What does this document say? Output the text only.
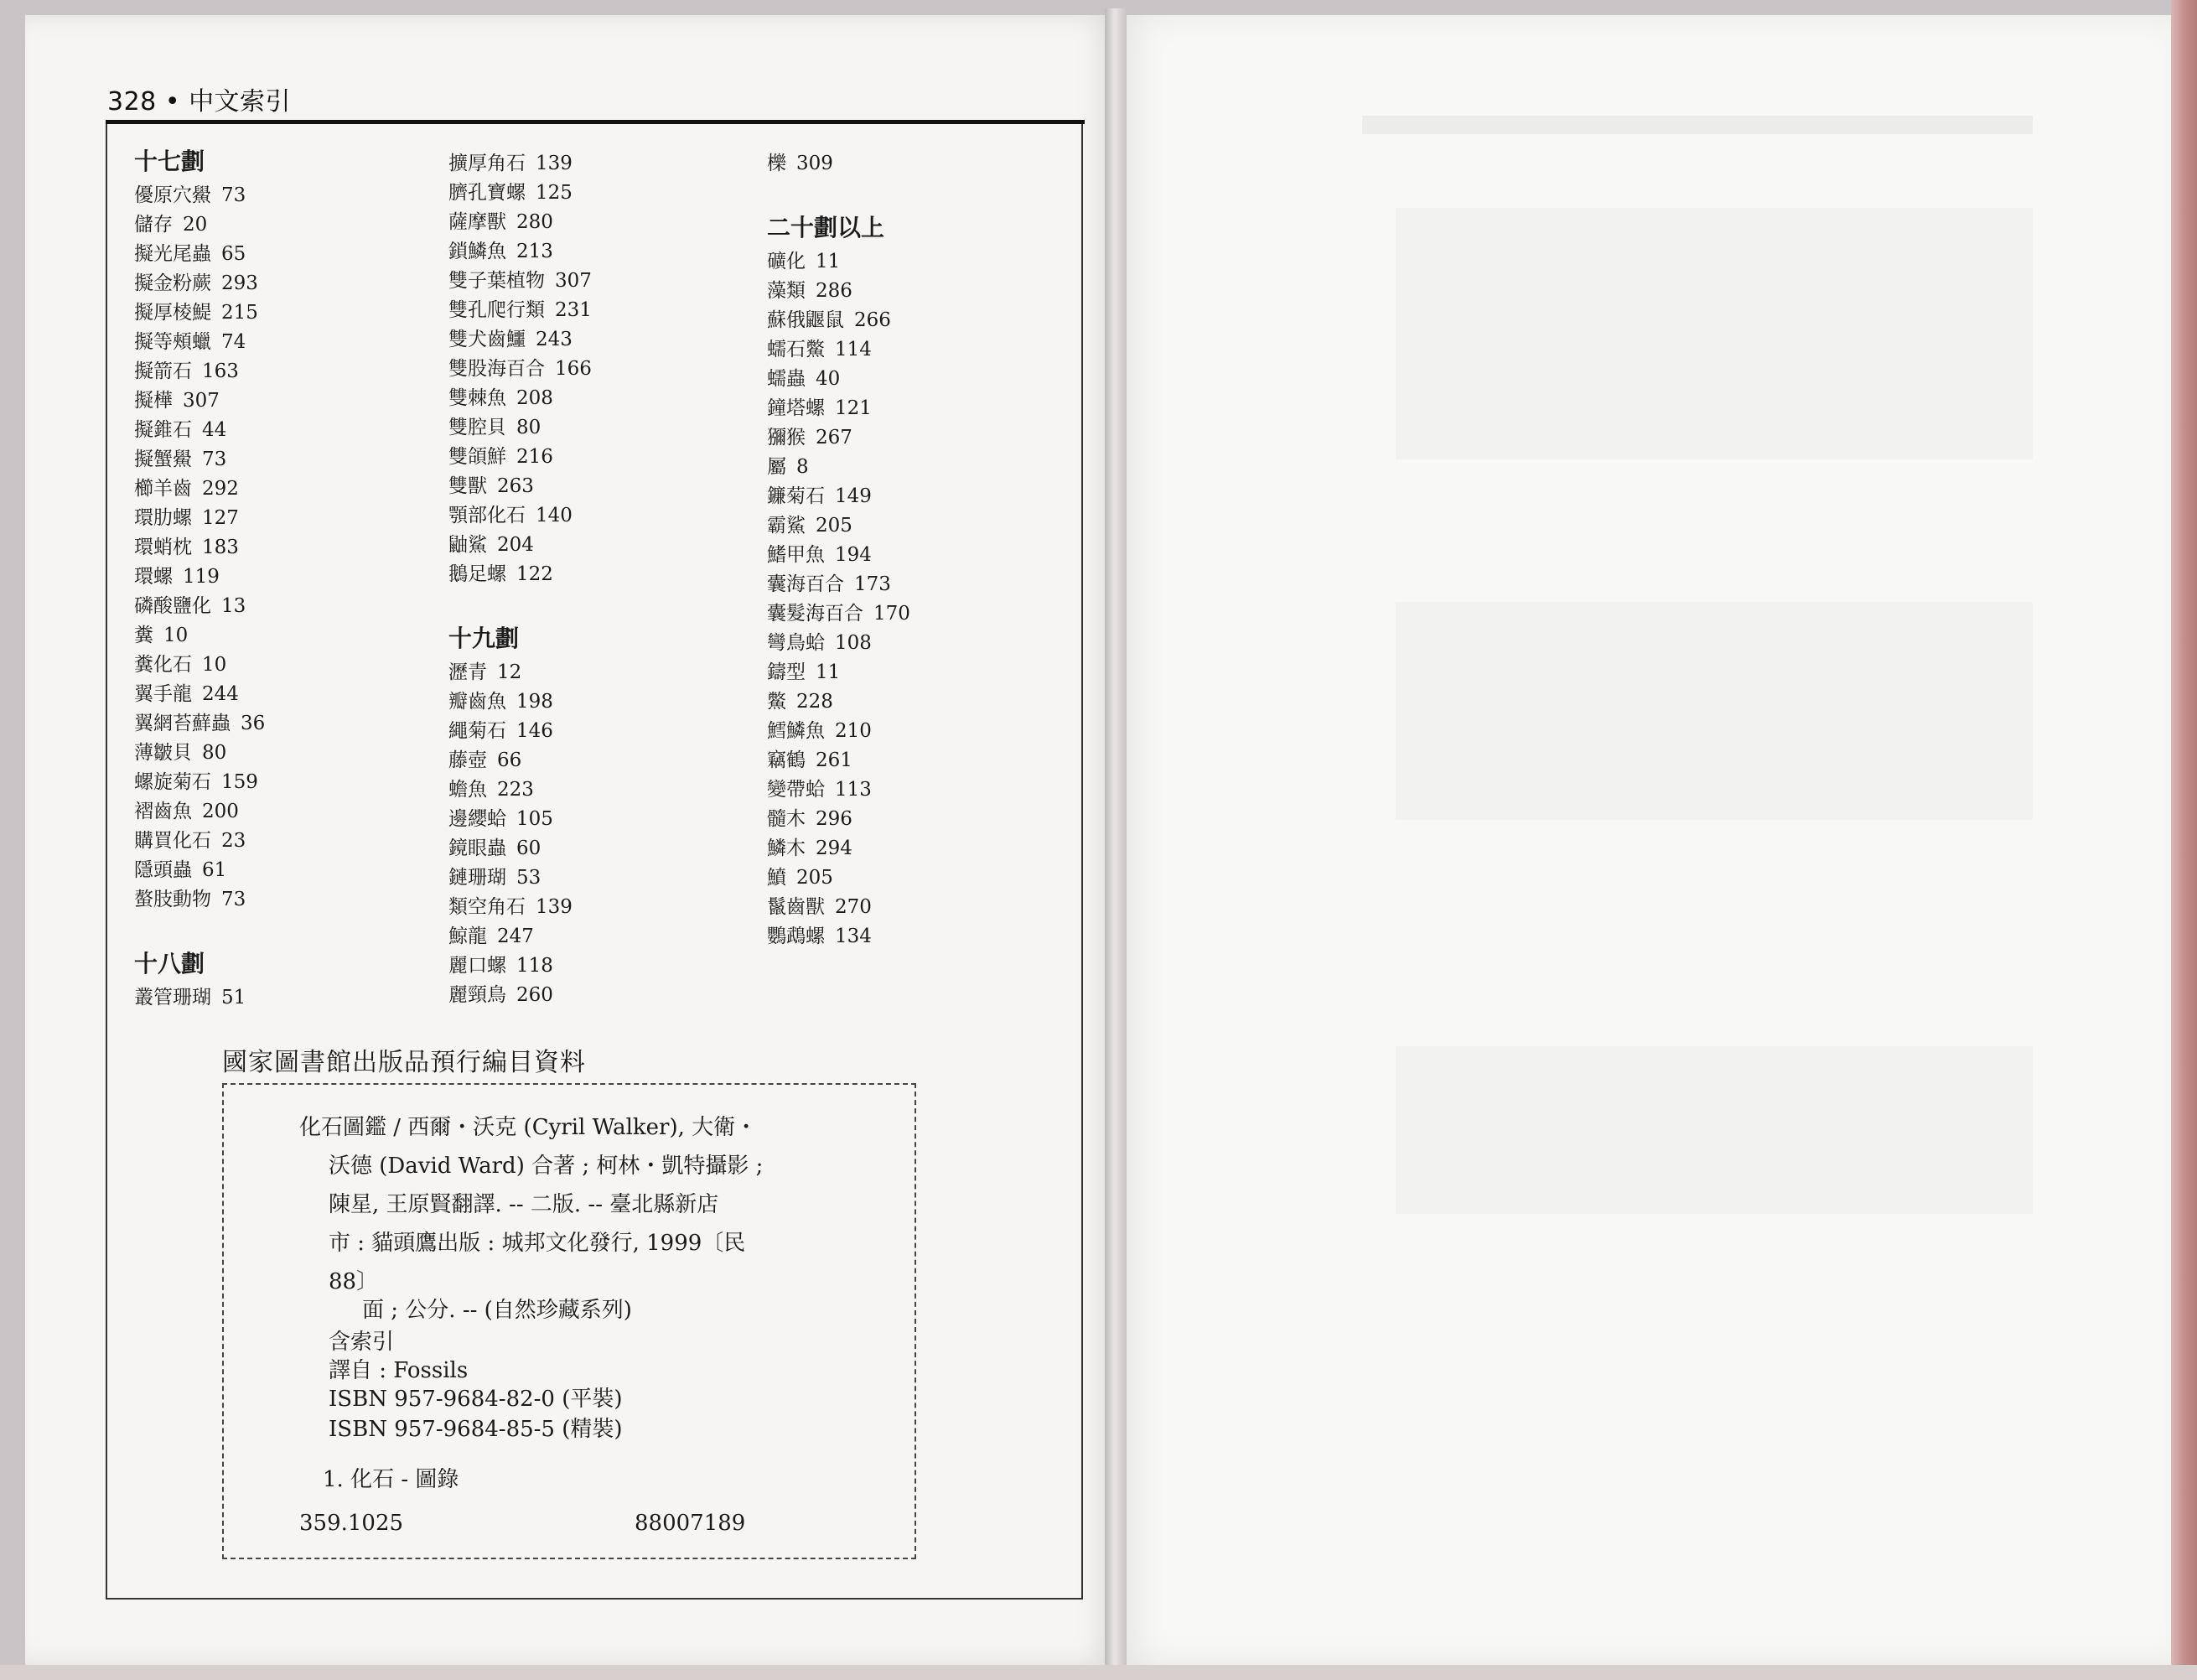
328 • 中文索引
十七劃
優原穴鱟 73
儲存 20
擬光尾蟲 65
擬金粉蕨 293
擬厚棱鯷 215
擬等頰蠟 74
擬箭石 163
擬樺 307
擬錐石 44
擬蟹鱟 73
櫛羊齒 292
環肋螺 127
環蛸枕 183
環螺 119
磷酸鹽化 13
糞 10
糞化石 10
翼手龍 244
翼網苔蘚蟲 36
薄皺貝 80
螺旋菊石 159
褶齒魚 200
購買化石 23
隱頭蟲 61
螯肢動物 73
十八劃
叢管珊瑚 51
擴厚角石 139
臍孔寶螺 125
薩摩獸 280
鎖鱗魚 213
雙子葉植物 307
雙孔爬行類 231
雙犬齒鱷 243
雙股海百合 166
雙棘魚 208
雙腔貝 80
雙頜鮮 216
雙獸 263
顎部化石 140
鼬鯊 204
鵝足螺 122
十九劃
瀝青 12
瓣齒魚 198
繩菊石 146
藤壺 66
蟾魚 223
邊纓蛤 105
鏡眼蟲 60
鏈珊瑚 53
類空角石 139
鯨龍 247
麗口螺 118
麗頸鳥 260
櫟 309
二十劃以上
礦化 11
藻類 286
蘇俄鼴鼠 266
蠕石鱉 114
蠕蟲 40
鐘塔螺 121
獼猴 267
屬 8
鐮菊石 149
霸鯊 205
鰭甲魚 194
囊海百合 173
囊髮海百合 170
彎鳥蛤 108
鑄型 11
鱉 228
鱈鱗魚 210
竊鶴 261
變帶蛤 113
髓木 296
鱗木 294
鱝 205
鬣齒獸 270
鸚鵡螺 134
國家圖書館出版品預行編目資料
化石圖鑑 / 西爾・沃克 (Cyril Walker), 大衛・
沃德 (David Ward) 合著 ; 柯林・凱特攝影 ;
陳星, 王原賢翻譯. -- 二版. -- 臺北縣新店
市 : 貓頭鷹出版 : 城邦文化發行, 1999〔民
88〕
面 ; 公分. -- (自然珍藏系列)
含索引
譯自 : Fossils
ISBN 957-9684-82-0 (平裝)
ISBN 957-9684-85-5 (精裝)
1. 化石 - 圖錄
359.1025	88007189
